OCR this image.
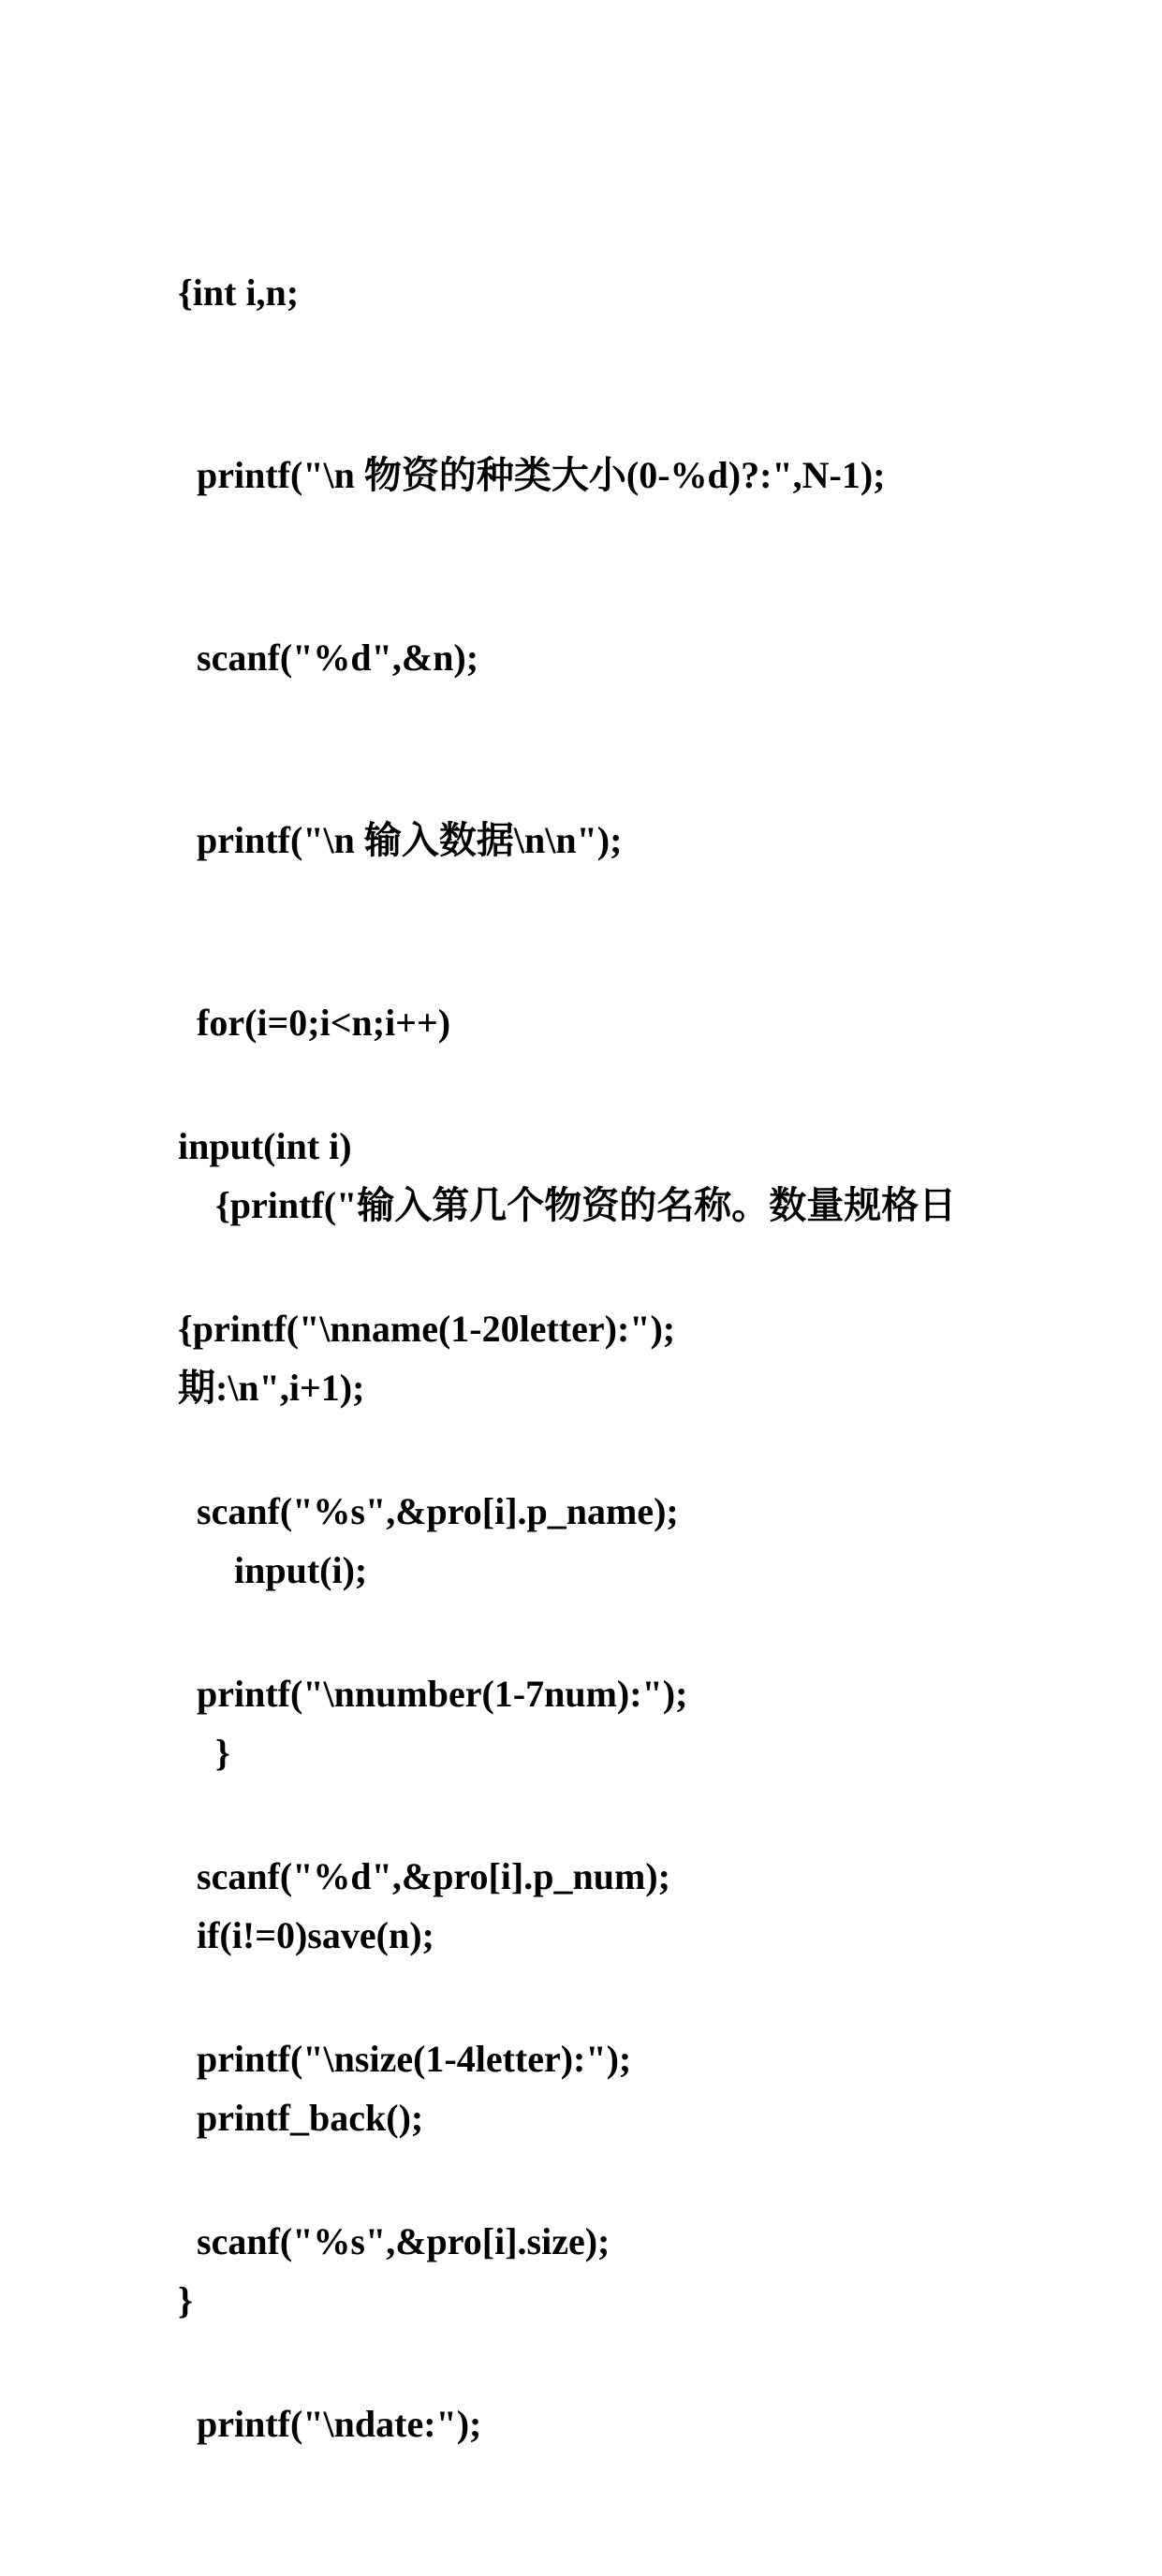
{int i,n;

printf("\n 物资的种类大小(0-%d)?:",N-1);

scanf("%d",&n);

printf("\n 输入数据\n\n");

for(i=0;i<n;i++)

{printf("输入第几个物资的名称。数量规格日

期:\n",i+1);

input(i);

}

if(i!=0)save(n);

printf_back();

}

input(int i)

{printf("\nname(1-20letter):");

scanf("%s",&pro[i].p_name);

printf("\nnumber(1-7num):");

scanf("%d",&pro[i].p_num);

printf("\nsize(1-4letter):");

scanf("%s",&pro[i].size);

printf("\ndate:");
